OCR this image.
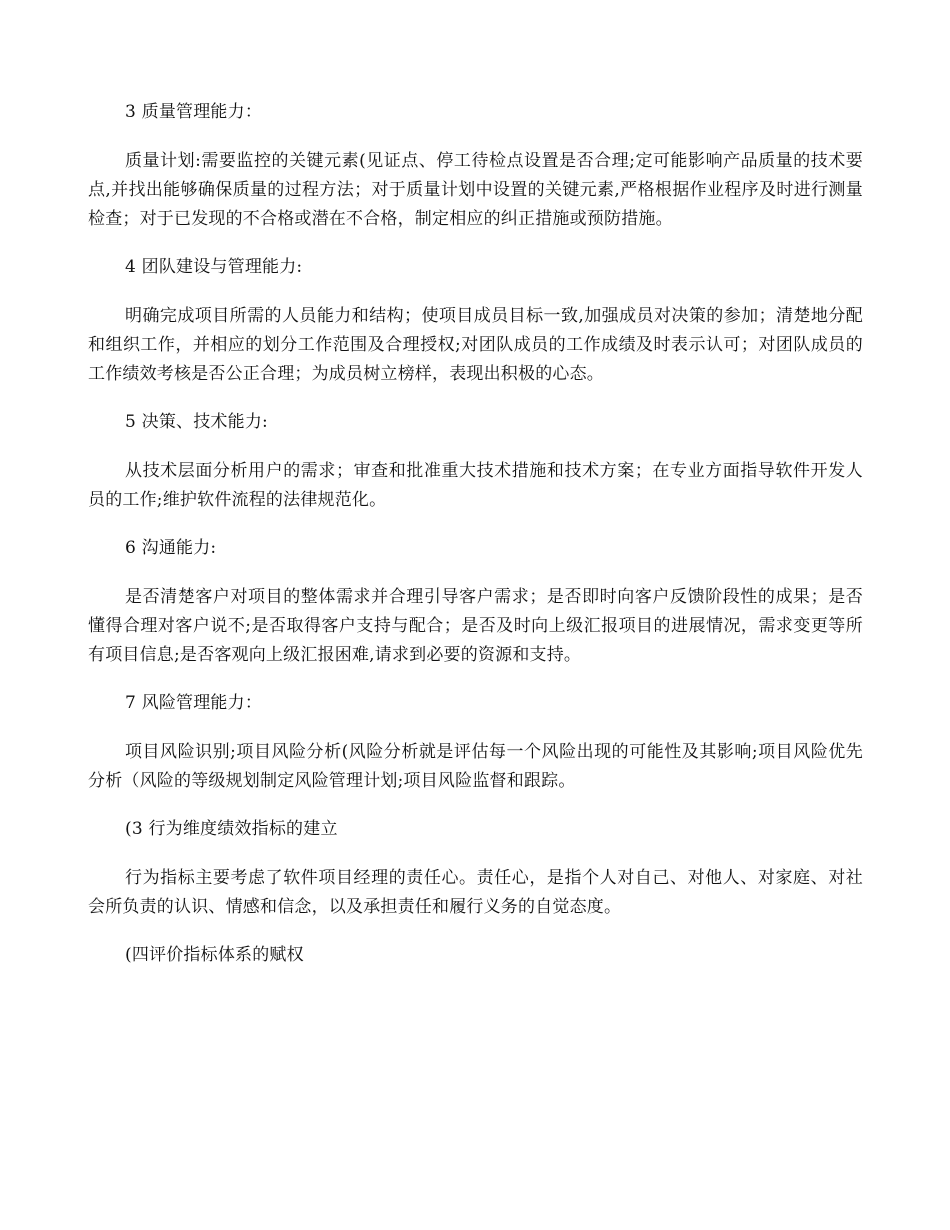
3 质量管理能力：

质量计划:需要监控的关键元素(见证点、停工待检点设置是否合理;定可能影响产品质量的技术要点,并找出能够确保质量的过程方法；对于质量计划中设置的关键元素,严格根据作业程序及时进行测量检查；对于已发现的不合格或潜在不合格，制定相应的纠正措施或预防措施。

4 团队建设与管理能力:

明确完成项目所需的人员能力和结构；使项目成员目标一致,加强成员对决策的参加；清楚地分配和组织工作，并相应的划分工作范围及合理授权;对团队成员的工作成绩及时表示认可；对团队成员的工作绩效考核是否公正合理；为成员树立榜样，表现出积极的心态。

5 决策、技术能力:

从技术层面分析用户的需求；审查和批准重大技术措施和技术方案；在专业方面指导软件开发人员的工作;维护软件流程的法律规范化。

6 沟通能力:

是否清楚客户对项目的整体需求并合理引导客户需求；是否即时向客户反馈阶段性的成果；是否懂得合理对客户说不;是否取得客户支持与配合；是否及时向上级汇报项目的进展情况，需求变更等所有项目信息;是否客观向上级汇报困难,请求到必要的资源和支持。

7 风险管理能力：

项目风险识别;项目风险分析(风险分析就是评估每一个风险出现的可能性及其影响;项目风险优先分析（风险的等级规划制定风险管理计划;项目风险监督和跟踪。

(3 行为维度绩效指标的建立

行为指标主要考虑了软件项目经理的责任心。责任心，是指个人对自己、对他人、对家庭、对社会所负责的认识、情感和信念，以及承担责任和履行义务的自觉态度。

(四评价指标体系的赋权
